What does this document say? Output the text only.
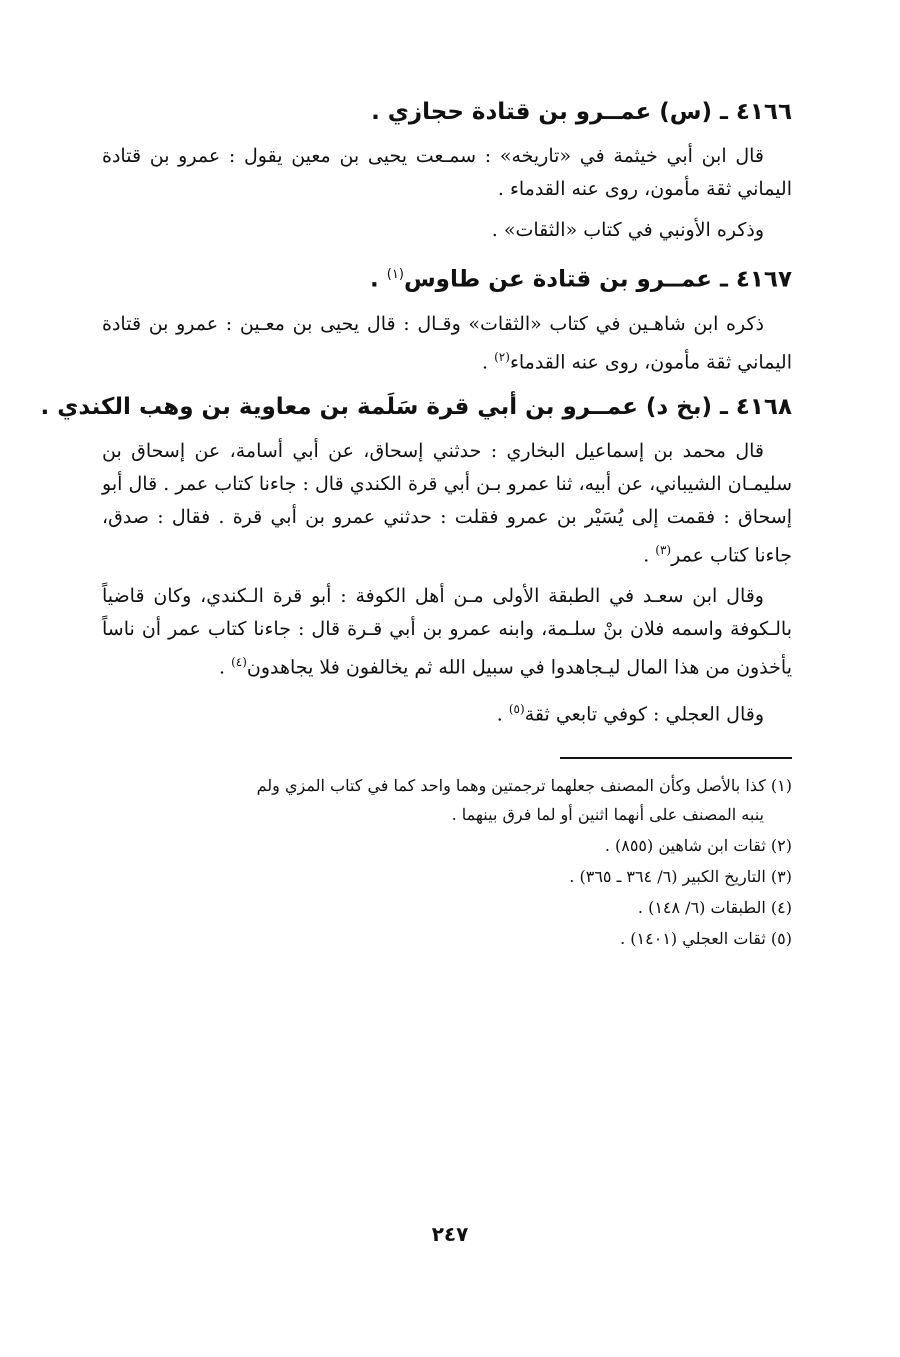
٤١٦٦ ـ (س) عمــرو بن قتادة حجازي .

قال ابن أبي خيثمة في «تاريخه» : سمـعت يحيى بن معين يقول : عمرو بن قتادة اليماني ثقة مأمون، روى عنه القدماء .

وذكره الأونبي في كتاب «الثقات» .

٤١٦٧ ـ عمــرو بن قتادة عن طاوس$^{(١)}$ .

ذكره ابن شاهـين في كتاب «الثقات» وقـال : قال يحيى بن معـين : عمرو بن قتادة اليماني ثقة مأمون، روى عنه القدماء$^{(٢)}$ .

٤١٦٨ ـ (بخ د) عمــرو بن أبي قرة سَلَمة بن معاوية بن وهب الكندي .

قال محمد بن إسماعيل البخاري : حدثني إسحاق، عن أبي أسامة، عن إسحاق بن سليمـان الشيباني، عن أبيه، ثنا عمرو بـن أبي قرة الكندي قال : جاءنا كتاب عمر . قال أبو إسحاق : فقمت إلى يُسَيْر بن عمرو فقلت : حدثني عمرو بن أبي قرة . فقال : صدق، جاءنا كتاب عمر$^{(٣)}$ .

وقال ابن سعـد في الطبقة الأولى مـن أهل الكوفة : أبو قرة الـكندي، وكان قاضياً بالـكوفة واسمه فلان بنْ سلـمة، وابنه عمرو بن أبي قـرة قال : جاءنا كتاب عمر أن ناساً يأخذون من هذا المال ليـجاهدوا في سبيل الله ثم يخالفون فلا يجاهدون$^{(٤)}$ .

وقال العجلي : كوفي تابعي ثقة$^{(٥)}$ .

(١) كذا بالأصل وكأن المصنف جعلهما ترجمتين وهما واحد كما في كتاب المزي ولم
ينبه المصنف على أنهما اثنين أو لما فرق بينهما .
(٢) ثقات ابن شاهين (٨٥٥) .
(٣) التاريخ الكبير (٦/ ٣٦٤ ـ ٣٦٥) .
(٤) الطبقات (٦/ ١٤٨) .
(٥) ثقات العجلي (١٤٠١) .
٢٤٧
